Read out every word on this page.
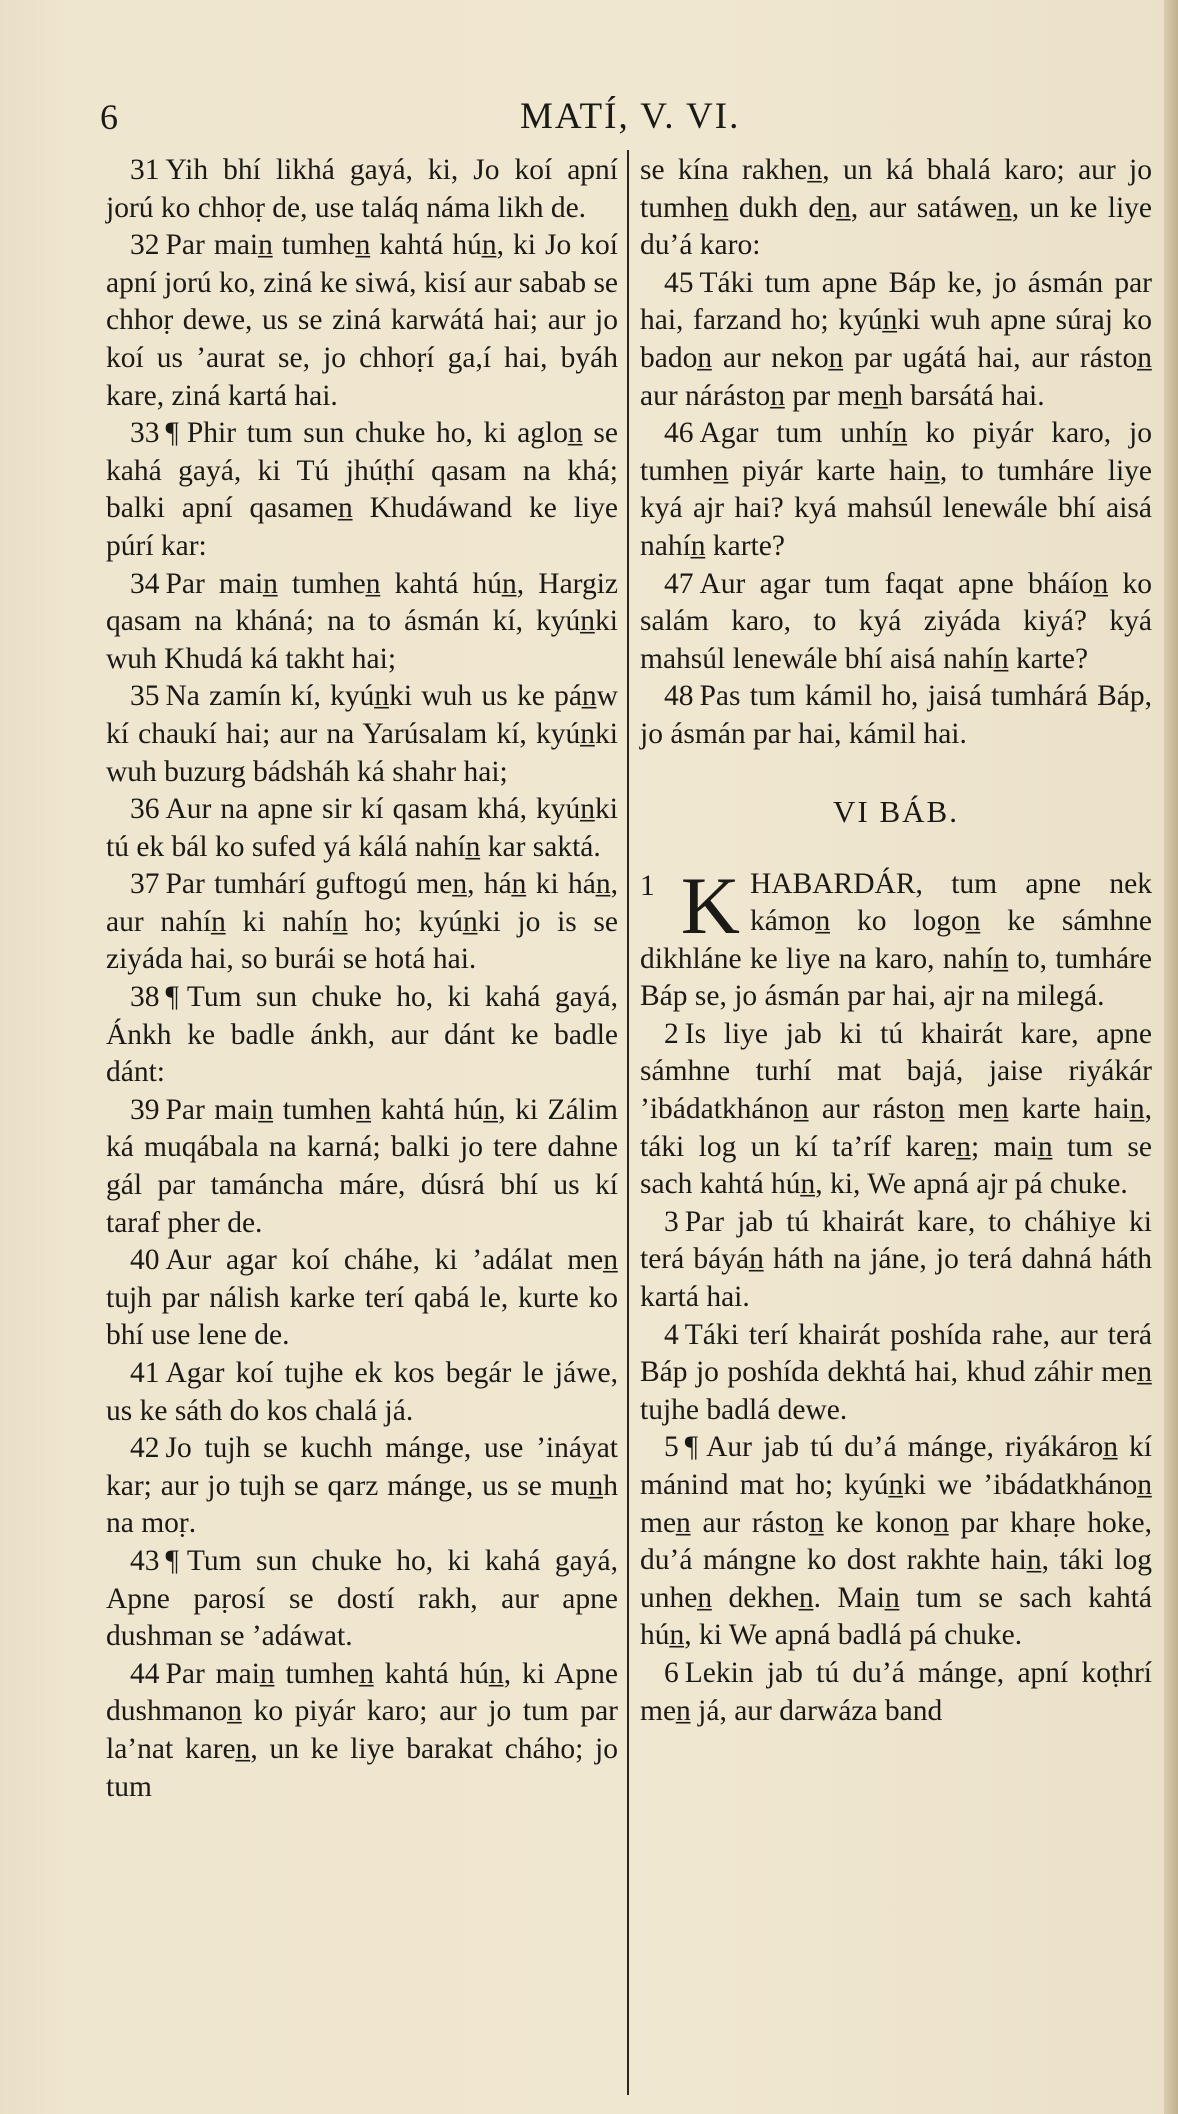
6	MATÍ, V. VI.

31 Yih bhí likhá gayá, ki, Jo koí apní jorú ko chhoṛ de, use taláq náma likh de.

32 Par main̲ tumhen̲ kahtá hún̲, ki Jo koí apní jorú ko, ziná ke siwá, kisí aur sabab se chhoṛ dewe, us se ziná karwátá hai; aur jo koí us ’aurat se, jo chhoṛí ga,í hai, byáh kare, ziná kartá hai.

33 ¶ Phir tum sun chuke ho, ki aglon̲ se kahá gayá, ki Tú jhúṭhí qasam na khá; balki apní qasamen̲ Khudáwand ke liye púrí kar:

34 Par main̲ tumhen̲ kahtá hún̲, Hargiz qasam na kháná; na to ásmán kí, kyún̲ki wuh Khudá ká takht hai;

35 Na zamín kí, kyún̲ki wuh us ke pán̲w kí chaukí hai; aur na Yarúsalam kí, kyún̲ki wuh buzurg bádsháh ká shahr hai;

36 Aur na apne sir kí qasam khá, kyún̲ki tú ek bál ko sufed yá kálá nahín̲ kar saktá.

37 Par tumhárí guftogú men̲, hán̲ ki hán̲, aur nahín̲ ki nahín̲ ho; kyún̲ki jo is se ziyáda hai, so burái se hotá hai.

38 ¶ Tum sun chuke ho, ki kahá gayá, Ánkh ke badle ánkh, aur dánt ke badle dánt:

39 Par main̲ tumhen̲ kahtá hún̲, ki Zálim ká muqábala na karná; balki jo tere dahne gál par tamáncha máre, dúsrá bhí us kí taraf pher de.

40 Aur agar koí cháhe, ki ’adálat men̲ tujh par nálish karke terí qabá le, kurte ko bhí use lene de.

41 Agar koí tujhe ek kos begár le jáwe, us ke sáth do kos chalá já.

42 Jo tujh se kuchh mánge, use ’ináyat kar; aur jo tujh se qarz mánge, us se mun̲h na moṛ.

43 ¶ Tum sun chuke ho, ki kahá gayá, Apne paṛosí se dostí rakh, aur apne dushman se ’adáwat.

44 Par main̲ tumhen̲ kahtá hún̲, ki Apne dushmanon̲ ko piyár karo; aur jo tum par la’nat karen̲, un ke liye barakat cháho; jo tum

se kína rakhen̲, un ká bhalá karo; aur jo tumhen̲ dukh den̲, aur satáwen̲, un ke liye du’á karo:

45 Táki tum apne Báp ke, jo ásmán par hai, farzand ho; kyún̲ki wuh apne súraj ko badon̲ aur nekon̲ par ugátá hai, aur ráston̲ aur náráston̲ par men̲h barsátá hai.

46 Agar tum unhín̲ ko piyár karo, jo tumhen̲ piyár karte hain̲, to tumháre liye kyá ajr hai? kyá mahsúl lenewále bhí aisá nahín̲ karte?

47 Aur agar tum faqat apne bháíon̲ ko salám karo, to kyá ziyáda kiyá? kyá mahsúl lenewále bhí aisá nahín̲ karte?

48 Pas tum kámil ho, jaisá tumhárá Báp, jo ásmán par hai, kámil hai.

VI BÁB.

1 K HABARDÁR, tum apne nek kámon̲ ko logon̲ ke sámhne dikhláne ke liye na karo, nahín̲ to, tumháre Báp se, jo ásmán par hai, ajr na milegá.

2 Is liye jab ki tú khairát kare, apne sámhne turhí mat bajá, jaise riyákár ’ibádatkhánon̲ aur ráston̲ men̲ karte hain̲, táki log un kí ta’ríf karen̲; main̲ tum se sach kahtá hún̲, ki, We apná ajr pá chuke.

3 Par jab tú khairát kare, to cháhiye ki terá báyán̲ háth na jáne, jo terá dahná háth kartá hai.

4 Táki terí khairát poshída rahe, aur terá Báp jo poshída dekhtá hai, khud záhir men̲ tujhe badlá dewe.

5 ¶ Aur jab tú du’á mánge, riyákáron̲ kí mánind mat ho; kyún̲ki we ’ibádatkhánon̲ men̲ aur ráston̲ ke konon̲ par khaṛe hoke, du’á mángne ko dost rakhte hain̲, táki log unhen̲ dekhen̲. Main̲ tum se sach kahtá hún̲, ki We apná badlá pá chuke.

6 Lekin jab tú du’á mánge, apní koṭhrí men̲ já, aur darwáza band
